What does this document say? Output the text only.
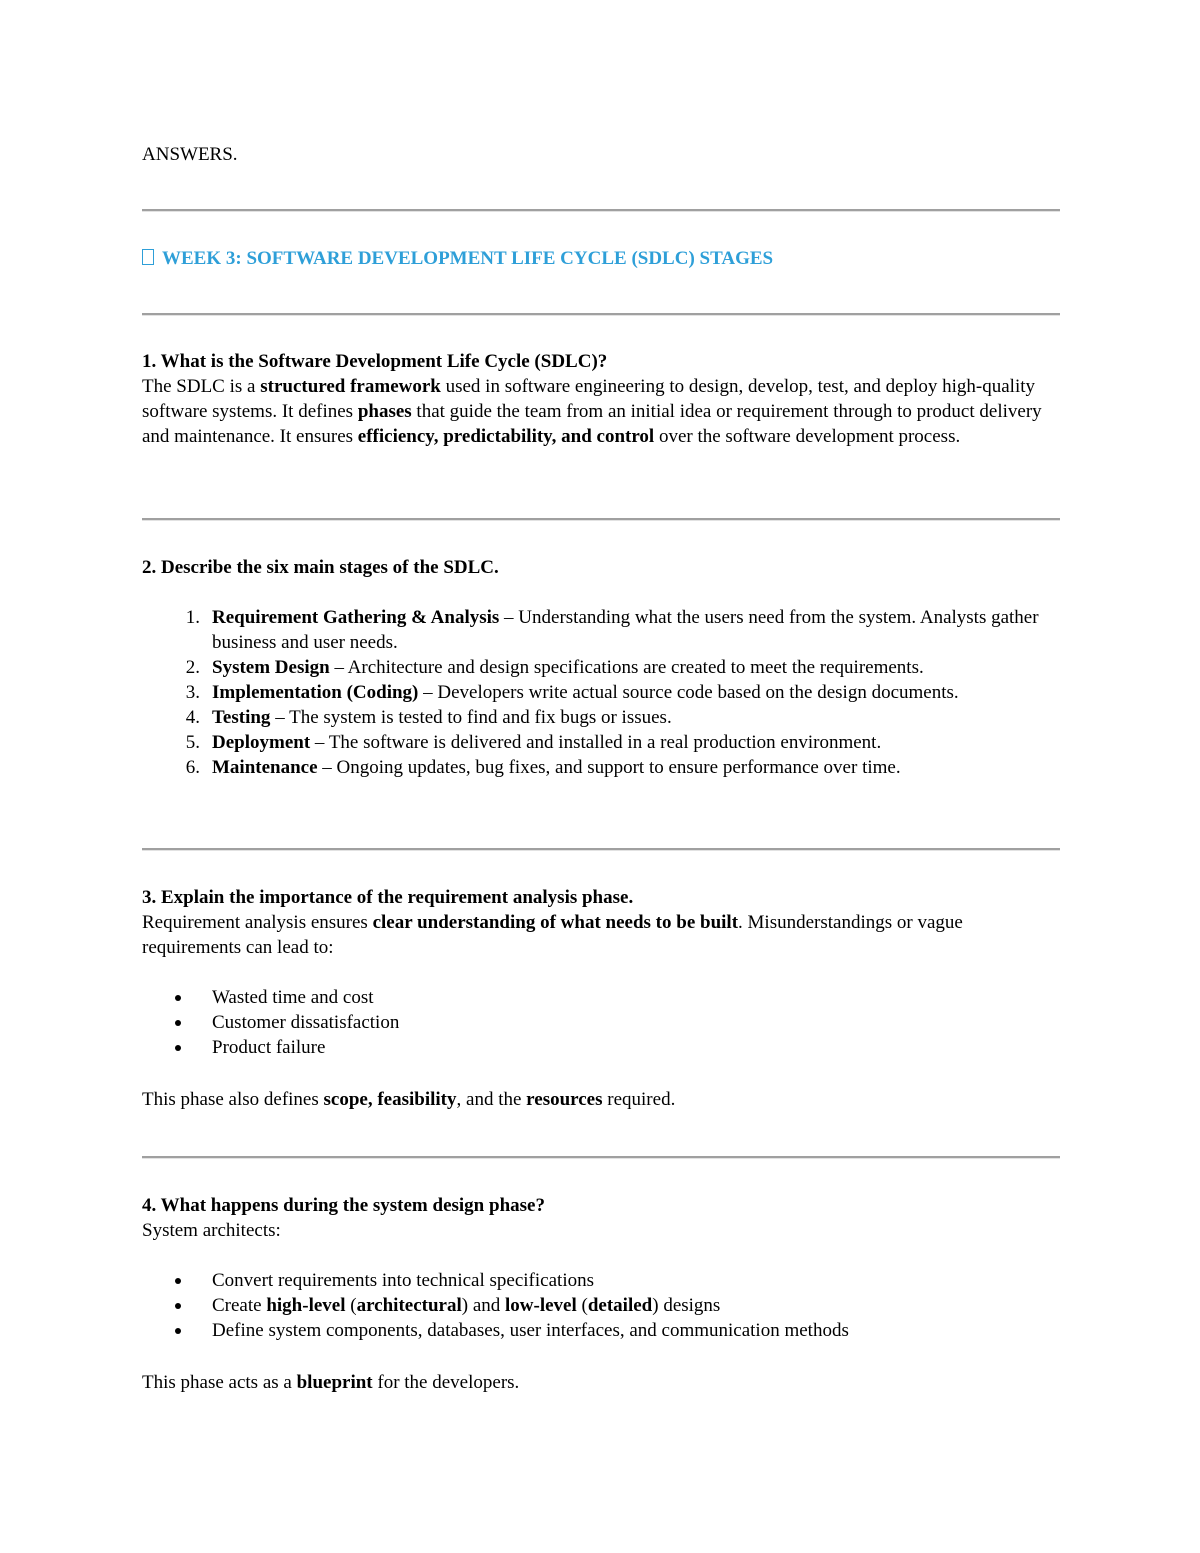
ANSWERS.

WEEK 3: SOFTWARE DEVELOPMENT LIFE CYCLE (SDLC) STAGES

1. What is the Software Development Life Cycle (SDLC)?

The SDLC is a structured framework used in software engineering to design, develop, test, and deploy high-quality software systems. It defines phases that guide the team from an initial idea or requirement through to product delivery and maintenance. It ensures efficiency, predictability, and control over the software development process.

2. Describe the six main stages of the SDLC.

1. Requirement Gathering & Analysis – Understanding what the users need from the system. Analysts gather business and user needs.
2. System Design – Architecture and design specifications are created to meet the requirements.
3. Implementation (Coding) – Developers write actual source code based on the design documents.
4. Testing – The system is tested to find and fix bugs or issues.
5. Deployment – The software is delivered and installed in a real production environment.
6. Maintenance – Ongoing updates, bug fixes, and support to ensure performance over time.

3. Explain the importance of the requirement analysis phase.

Requirement analysis ensures clear understanding of what needs to be built. Misunderstandings or vague requirements can lead to:

Wasted time and cost
Customer dissatisfaction
Product failure

This phase also defines scope, feasibility, and the resources required.

4. What happens during the system design phase?

System architects:

Convert requirements into technical specifications
Create high-level (architectural) and low-level (detailed) designs
Define system components, databases, user interfaces, and communication methods

This phase acts as a blueprint for the developers.
